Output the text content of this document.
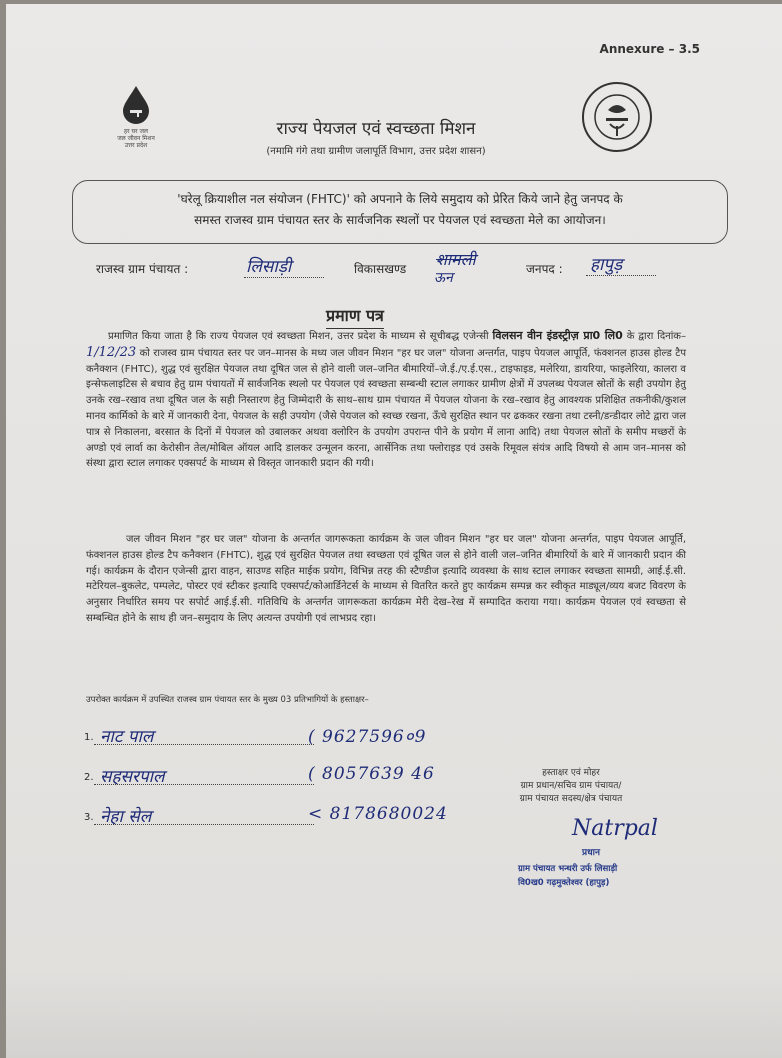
Annexure – 3.5
हर घर जल
जल जीवन मिशन
उत्तर प्रदेश
राज्य पेयजल एवं स्वच्छता मिशन
(नमामि गंगे तथा ग्रामीण जलापूर्ति विभाग, उत्तर प्रदेश शासन)
'घरेलू क्रियाशील नल संयोजन (FHTC)' को अपनाने के लिये समुदाय को प्रेरित किये जाने हेतु जनपद के
समस्त राजस्व ग्राम पंचायत स्तर के सार्वजनिक स्थलों पर पेयजल एवं स्वच्छता मेले का आयोजन।
राजस्व ग्राम पंचायत :	लिसाड़ी	विकासखण्ड शामली
ऊन
जनपद : हापुड़
प्रमाण पत्र
प्रमाणित किया जाता है कि राज्य पेयजल एवं स्वच्छता मिशन, उत्तर प्रदेश के माध्यम से सूचीबद्ध एजेन्सी विलसन वीन इंडस्ट्रीज़ प्रा0 लि0 के द्वारा दिनांक– 1/12/23 को राजस्व ग्राम पंचायत स्तर पर जन–मानस के मध्य जल जीवन मिशन "हर घर जल" योजना अन्तर्गत, पाइप पेयजल आपूर्ति, फंक्शनल हाउस होल्ड टैप कनैक्शन (FHTC), शुद्ध एवं सुरक्षित पेयजल तथा दूषित जल से होने वाली जल–जनित बीमारियों–जे.ई./ए.ई.एस., टाइफाइड, मलेरिया, डायरिया, फाइलेरिया, कालरा व इन्सेफलाइटिस से बचाव हेतु ग्राम पंचायतों में सार्वजनिक स्थलो पर पेयजल एवं स्वच्छता सम्बन्धी स्टाल लगाकर ग्रामीण क्षेत्रों में उपलब्ध पेयजल स्रोतों के सही उपयोग हेतु उनके रख–रखाव तथा दूषित जल के सही निस्तारण हेतु जिम्मेदारी के साथ–साथ ग्राम पंचायत में पेयजल योजना के रख–रखाव हेतु आवश्यक प्रशिक्षित तकनीकी/कुशल मानव कार्मिको के बारे में जानकारी देना, पेयजल के सही उपयोग (जैसे पेयजल को स्वच्छ रखना, ऊँचे सुरक्षित स्थान पर ढककर रखना तथा टस्नी/डन्डीदार लोटे द्वारा जल पात्र से निकालना, बरसात के दिनों में पेयजल को उबालकर अथवा क्लोरिन के उपयोग उपरान्त पीने के प्रयोग में लाना आदि) तथा पेयजल स्रोतों के समीप मच्छरों के अण्डो एवं लार्वा का केरोसीन तेल/मोबिल ऑयल आदि डालकर उन्मूलन करना, आर्सेनिक तथा फ्लोराइड एवं उसके रिमूवल संयंत्र आदि विषयो से आम जन–मानस को संस्था द्वारा स्टाल लगाकर एक्सपर्ट के माध्यम से विस्तृत जानकारी प्रदान की गयी।
जल जीवन मिशन "हर घर जल" योजना के अन्तर्गत जागरूकता कार्यक्रम के जल जीवन मिशन "हर घर जल" योजना अन्तर्गत, पाइप पेयजल आपूर्ति, फंक्शनल हाउस होल्ड टैप कनैक्शन (FHTC), शुद्ध एवं सुरक्षित पेयजल तथा स्वच्छता एवं दूषित जल से होने वाली जल–जनित बीमारियों के बारे में जानकारी प्रदान की गई। कार्यक्रम के दौरान एजेन्सी द्वारा वाहन, साउण्ड सहित माईक प्रयोग, विभिन्न तरह की स्टैण्डीज इत्यादि व्यवस्था के साथ स्टाल लगाकर स्वच्छता सामग्री, आई.ई.सी. मटेरियल–बुकलेट, पम्पलेट, पोस्टर एवं स्टीकर इत्यादि एक्सपर्ट/कोआर्डिनेटर्स के माध्यम से वितरित करते हुए कार्यक्रम सम्पन्न कर स्वीकृत माड्यूल/व्यय बजट विवरण के अनुसार निर्धारित समय पर सपोर्ट आई.ई.सी. गतिविधि के अन्तर्गत जागरूकता कार्यक्रम मेरी देख–रेख में सम्पादित कराया गया। कार्यक्रम पेयजल एवं स्वच्छता से सम्बन्धित होने के साथ ही जन–समुदाय के लिए अत्यन्त उपयोगी एवं लाभप्रद रहा।
उपरोक्त कार्यक्रम में उपस्थित राजस्व ग्राम पंचायत स्तर के मुख्य 03 प्रतिभागियों के हस्ताक्षर–
1. नाट पाल	( 9627596०9
2. सहसरपाल	( 8057639 46
3. नेहा सेल	< 8178680024
हस्ताक्षर एवं मोहर
ग्राम प्रधान/सचिव ग्राम पंचायत/
ग्राम पंचायत सदस्य/क्षेत्र पंचायत
Natrpal
प्रधान
ग्राम पंचायत भन्धरी उर्फ लिसाड़ी
वि0ख0 गढ़मुक्तेश्वर (हापुड़)
